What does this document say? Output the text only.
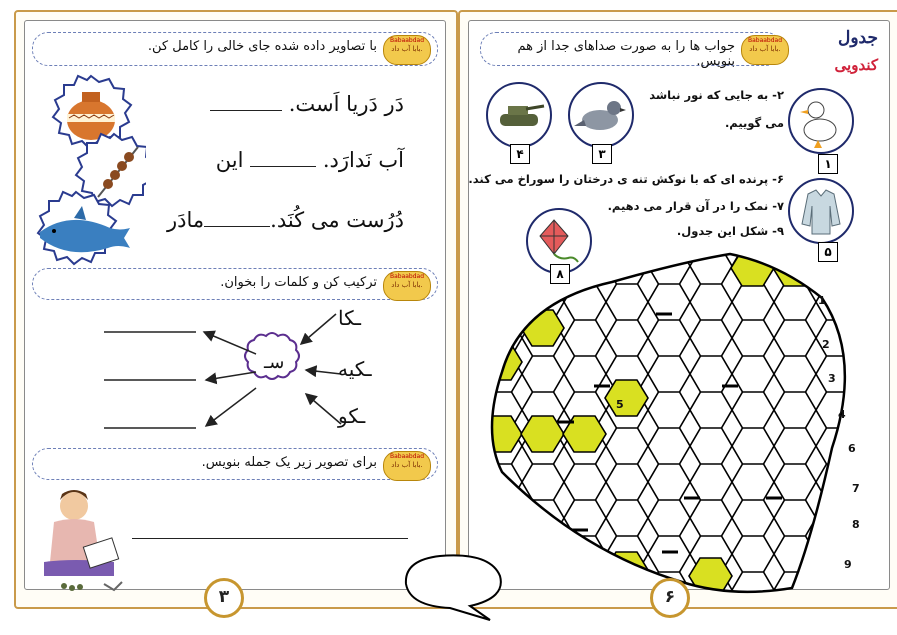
Babaabdad
بابا آب داد.
با تصاویر داده شده جای خالی را کامل کن.
دَر دَریا اَست.
آب نَدارَد.  این
دُرُست می کُنَد.مادَر
Babaabdad
بابا آب داد.
ترکیب کن و کلمات را بخوان.
سـ
ـکا
ـکیه
ـکو
Babaabdad
بابا آب داد.
برای تصویر زیر یک جمله بنویس.
۳
جدول
کندویی
Babaabdad
بابا آب داد.
جواب ها را به صورت صداهای جدا از هم بنویس.
۴	۳
۱
۵
۸
۲- به جایی که نور نباشد
می گوییم.
۶- پرنده ای که با نوکش تنه ی درختان را سوراخ می کند.
۷- نمک را در آن قرار می دهیم.
۹- شکل این جدول.
5
1
2
3
4
6
7
8
9
۶
